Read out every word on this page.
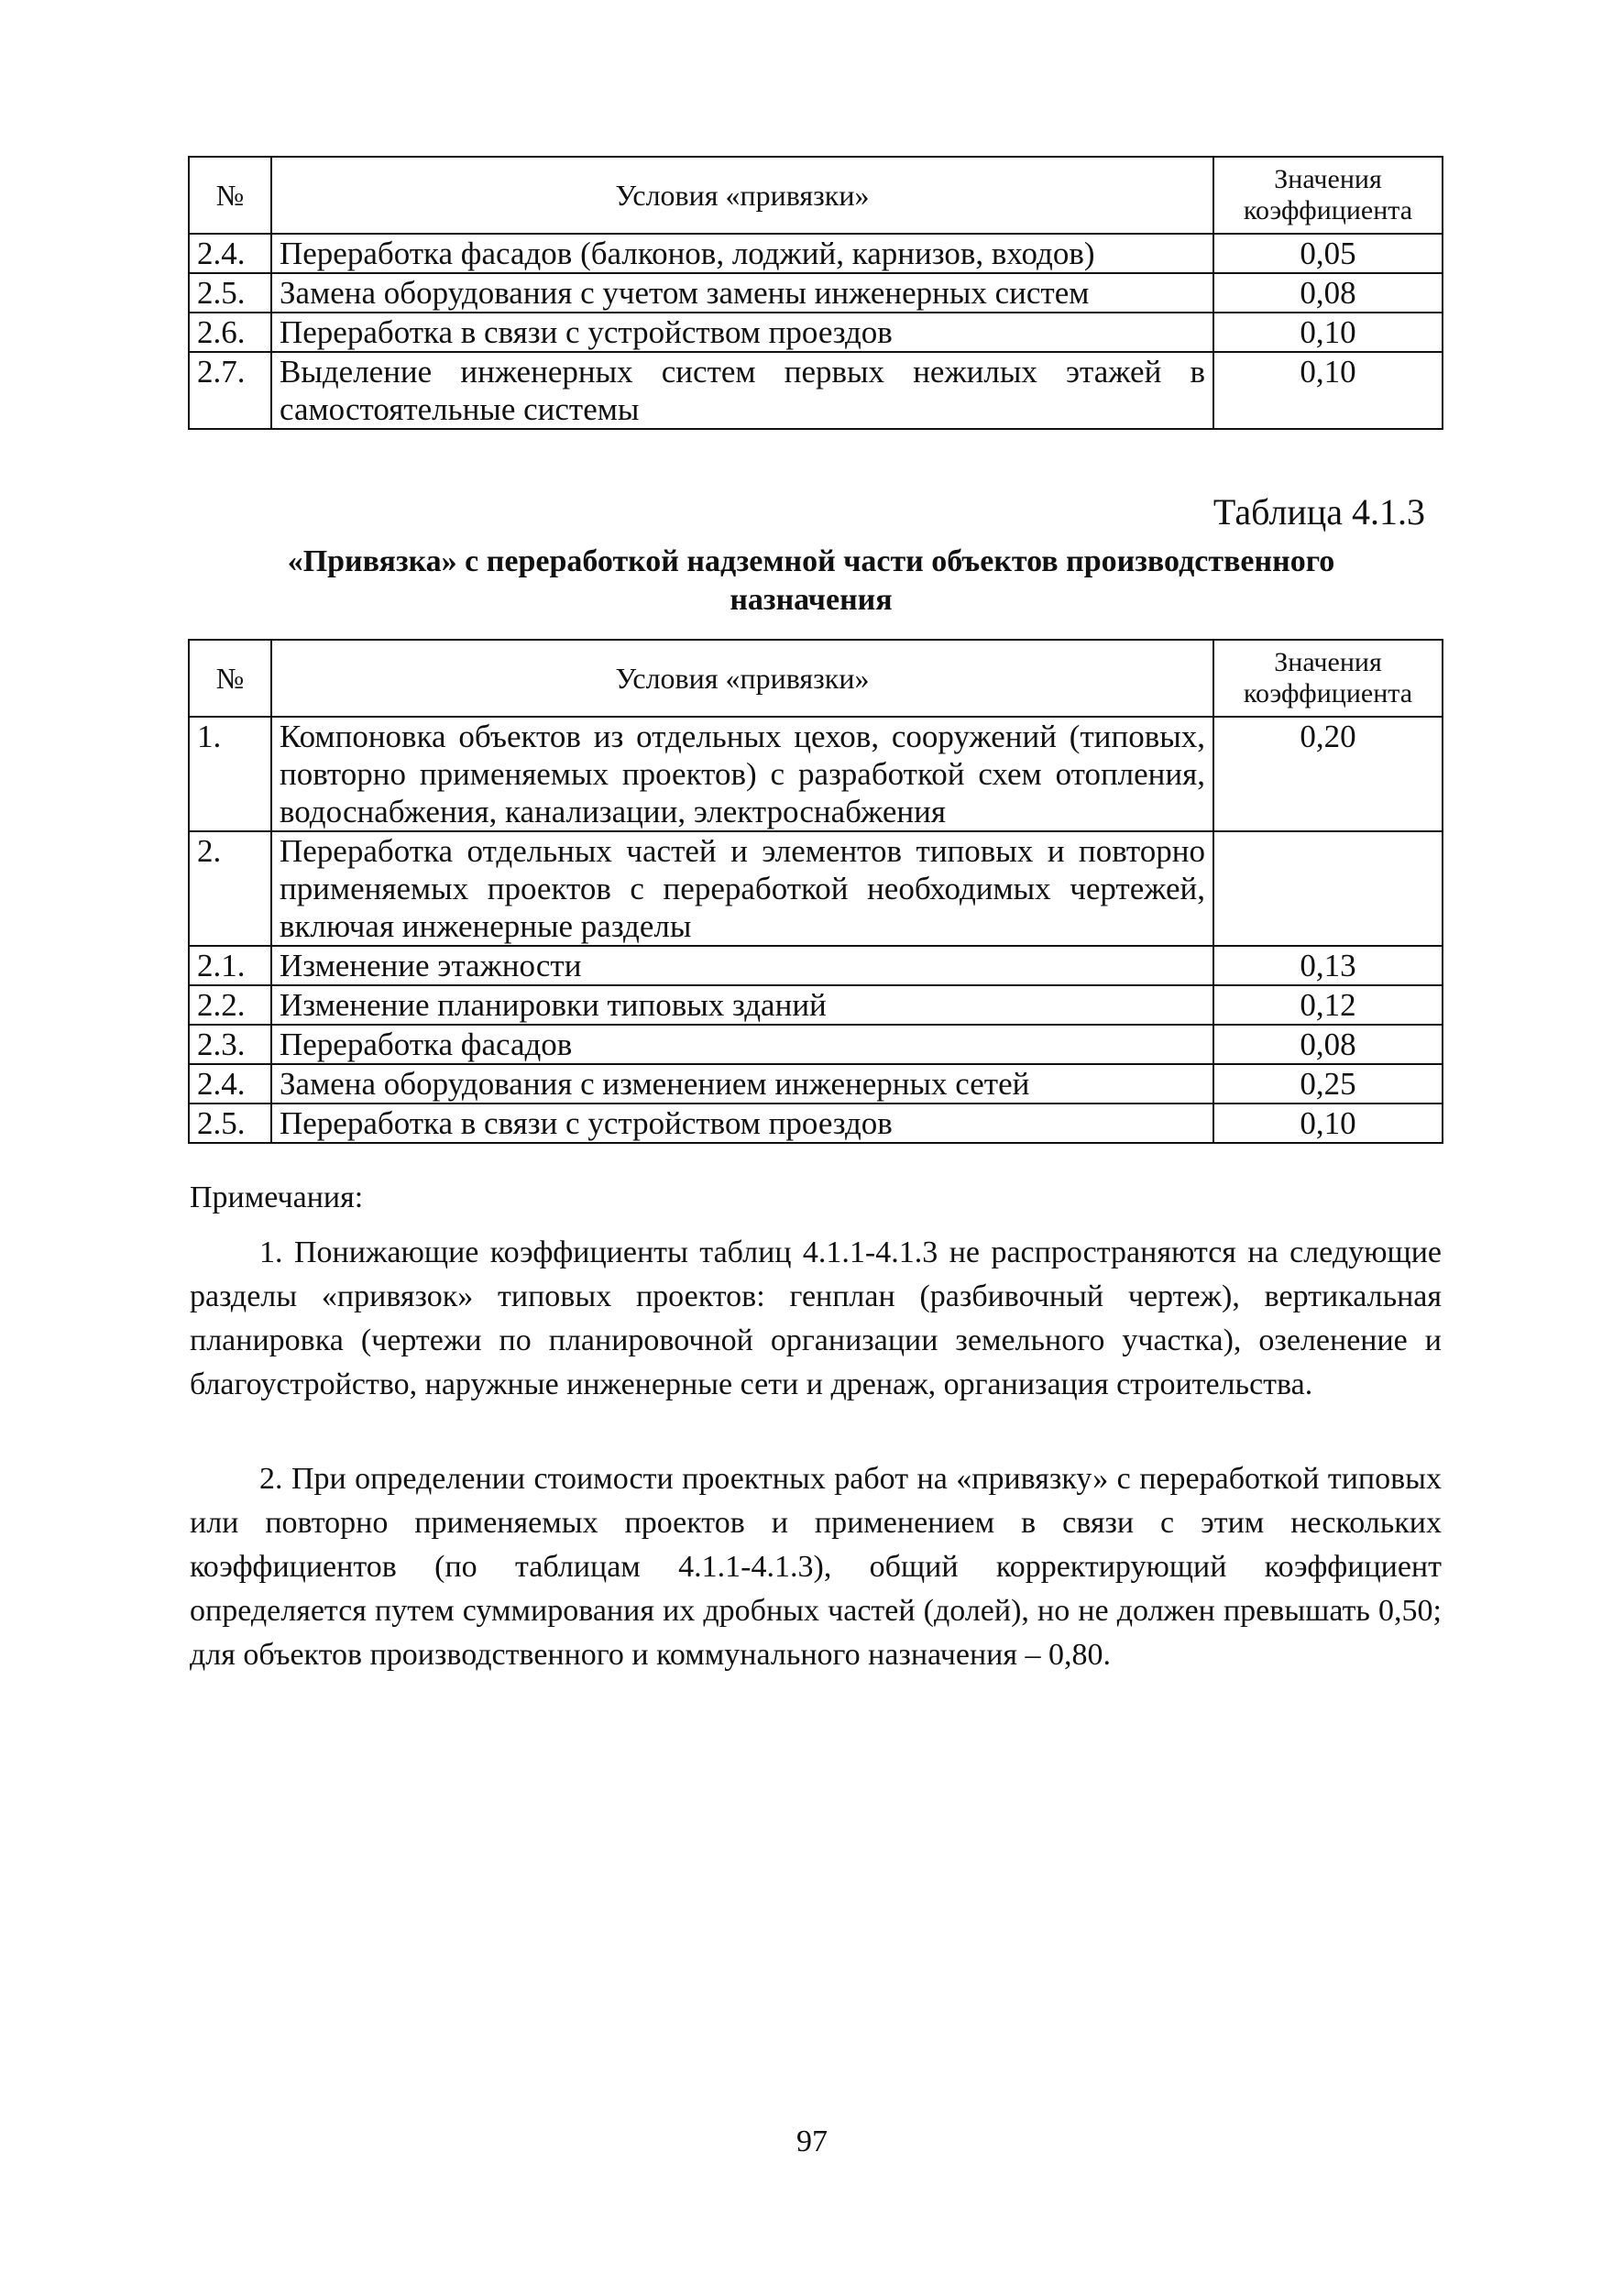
№	Условия «привязки»	Значения коэффициента
2.4.	Переработка фасадов (балконов, лоджий, карнизов, входов)	0,05
2.5.	Замена оборудования с учетом замены инженерных систем	0,08
2.6.	Переработка в связи с устройством проездов	0,10
2.7.	Выделение инженерных систем первых нежилых этажей в самостоятельные системы	0,10
Таблица 4.1.3
«Привязка» с переработкой надземной части объектов производственного назначения
№	Условия «привязки»	Значения коэффициента
1.	Компоновка объектов из отдельных цехов, сооружений (типовых, повторно применяемых проектов) с разработкой схем отопления, водоснабжения, канализации, электроснабжения	0,20
2.	Переработка отдельных частей и элементов типовых и повторно применяемых проектов с переработкой необходимых чертежей, включая инженерные разделы	
2.1.	Изменение этажности	0,13
2.2.	Изменение планировки типовых зданий	0,12
2.3.	Переработка фасадов	0,08
2.4.	Замена оборудования с изменением инженерных сетей	0,25
2.5.	Переработка в связи с устройством проездов	0,10
Примечания:

1. Понижающие коэффициенты таблиц 4.1.1-4.1.3 не распространяются на следующие разделы «привязок» типовых проектов: генплан (разбивочный чертеж), вертикальная планировка (чертежи по планировочной организации земельного участка), озеленение и благоустройство, наружные инженерные сети и дренаж, организация строительства.

2. При определении стоимости проектных работ на «привязку» с переработкой типовых или повторно применяемых проектов и применением в связи с этим нескольких коэффициентов (по таблицам 4.1.1-4.1.3), общий корректирующий коэффициент определяется путем суммирования их дробных частей (долей), но не должен превышать 0,50; для объектов производственного и коммунального назначения – 0,80.

97
